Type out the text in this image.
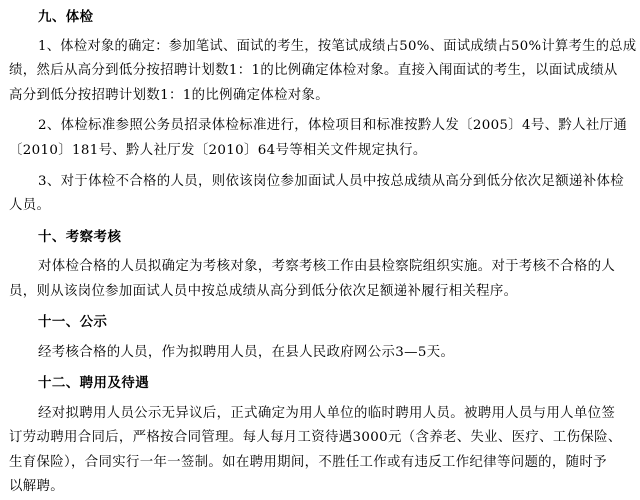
九、体检
1、体检对象的确定：参加笔试、面试的考生，按笔试成绩占50%、面试成绩占50%计算考生的总成
绩，然后从高分到低分按招聘计划数1：1的比例确定体检对象。直接入闱面试的考生，以面试成绩从
高分到低分按招聘计划数1：1的比例确定体检对象。
2、体检标准参照公务员招录体检标准进行，体检项目和标准按黔人发〔2005〕4号、黔人社厅通
〔2010〕181号、黔人社厅发〔2010〕64号等相关文件规定执行。
3、对于体检不合格的人员，则依该岗位参加面试人员中按总成绩从高分到低分依次足额递补体检
人员。
十、考察考核
对体检合格的人员拟确定为考核对象，考察考核工作由县检察院组织实施。对于考核不合格的人
员，则从该岗位参加面试人员中按总成绩从高分到低分依次足额递补履行相关程序。
十一、公示
经考核合格的人员，作为拟聘用人员，在县人民政府网公示3—5天。
十二、聘用及待遇
经对拟聘用人员公示无异议后，正式确定为用人单位的临时聘用人员。被聘用人员与用人单位签
订劳动聘用合同后，严格按合同管理。每人每月工资待遇3000元（含养老、失业、医疗、工伤保险、
生育保险），合同实行一年一签制。如在聘用期间，不胜任工作或有违反工作纪律等问题的，随时予
以解聘。
